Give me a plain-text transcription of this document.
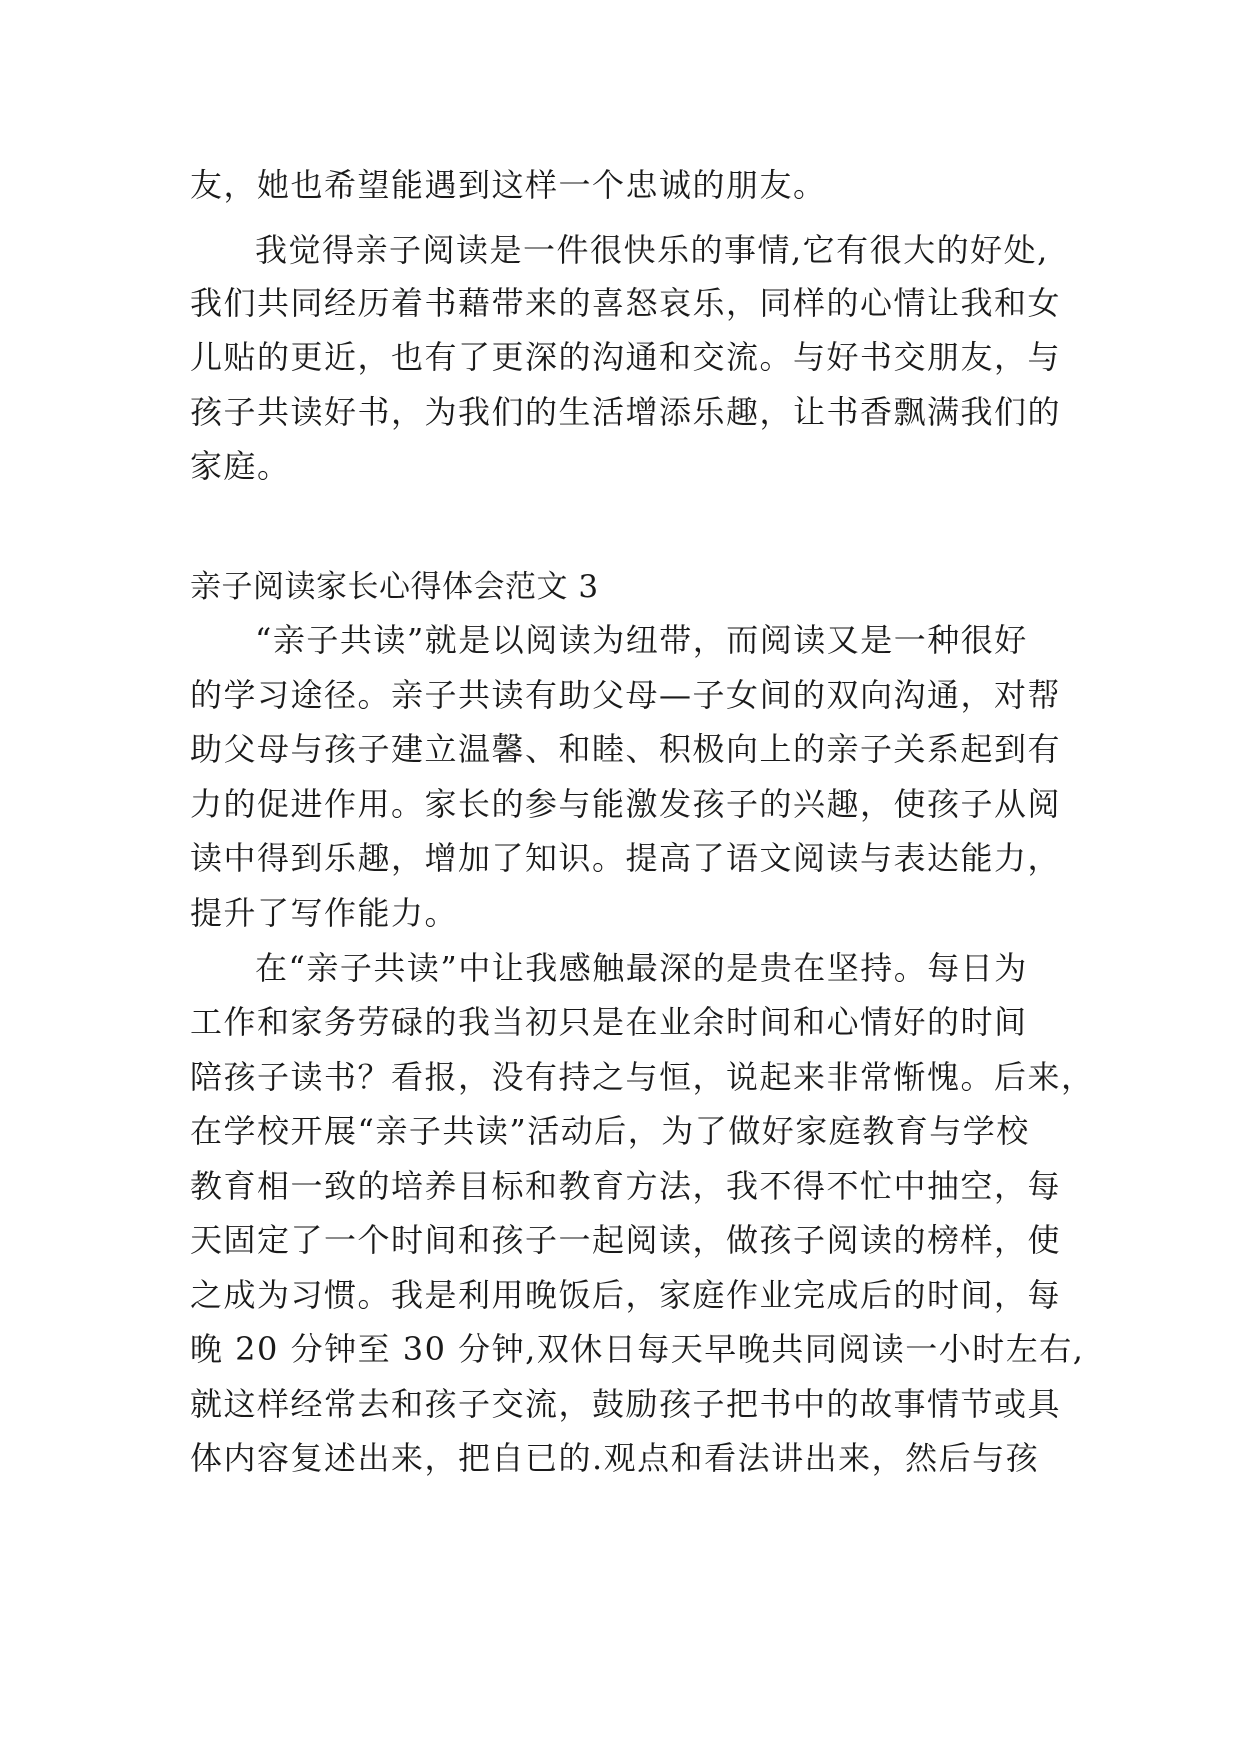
友，她也希望能遇到这样一个忠诚的朋友。
我觉得亲子阅读是一件很快乐的事情,它有很大的好处,
我们共同经历着书藉带来的喜怒哀乐，同样的心情让我和女
儿贴的更近，也有了更深的沟通和交流。与好书交朋友，与
孩子共读好书，为我们的生活增添乐趣，让书香飘满我们的
家庭。
亲子阅读家长心得体会范文 3
“亲子共读”就是以阅读为纽带，而阅读又是一种很好
的学习途径。亲子共读有助父母—子女间的双向沟通，对帮
助父母与孩子建立温馨、和睦、积极向上的亲子关系起到有
力的促进作用。家长的参与能激发孩子的兴趣，使孩子从阅
读中得到乐趣，增加了知识。提高了语文阅读与表达能力，
提升了写作能力。
在“亲子共读”中让我感触最深的是贵在坚持。每日为
工作和家务劳碌的我当初只是在业余时间和心情好的时间
陪孩子读书？看报，没有持之与恒，说起来非常惭愧。后来，
在学校开展“亲子共读”活动后，为了做好家庭教育与学校
教育相一致的培养目标和教育方法，我不得不忙中抽空，每
天固定了一个时间和孩子一起阅读，做孩子阅读的榜样，使
之成为习惯。我是利用晚饭后，家庭作业完成后的时间，每
晚 20 分钟至 30 分钟,双休日每天早晚共同阅读一小时左右,
就这样经常去和孩子交流，鼓励孩子把书中的故事情节或具
体内容复述出来，把自已的.观点和看法讲出来，然后与孩
